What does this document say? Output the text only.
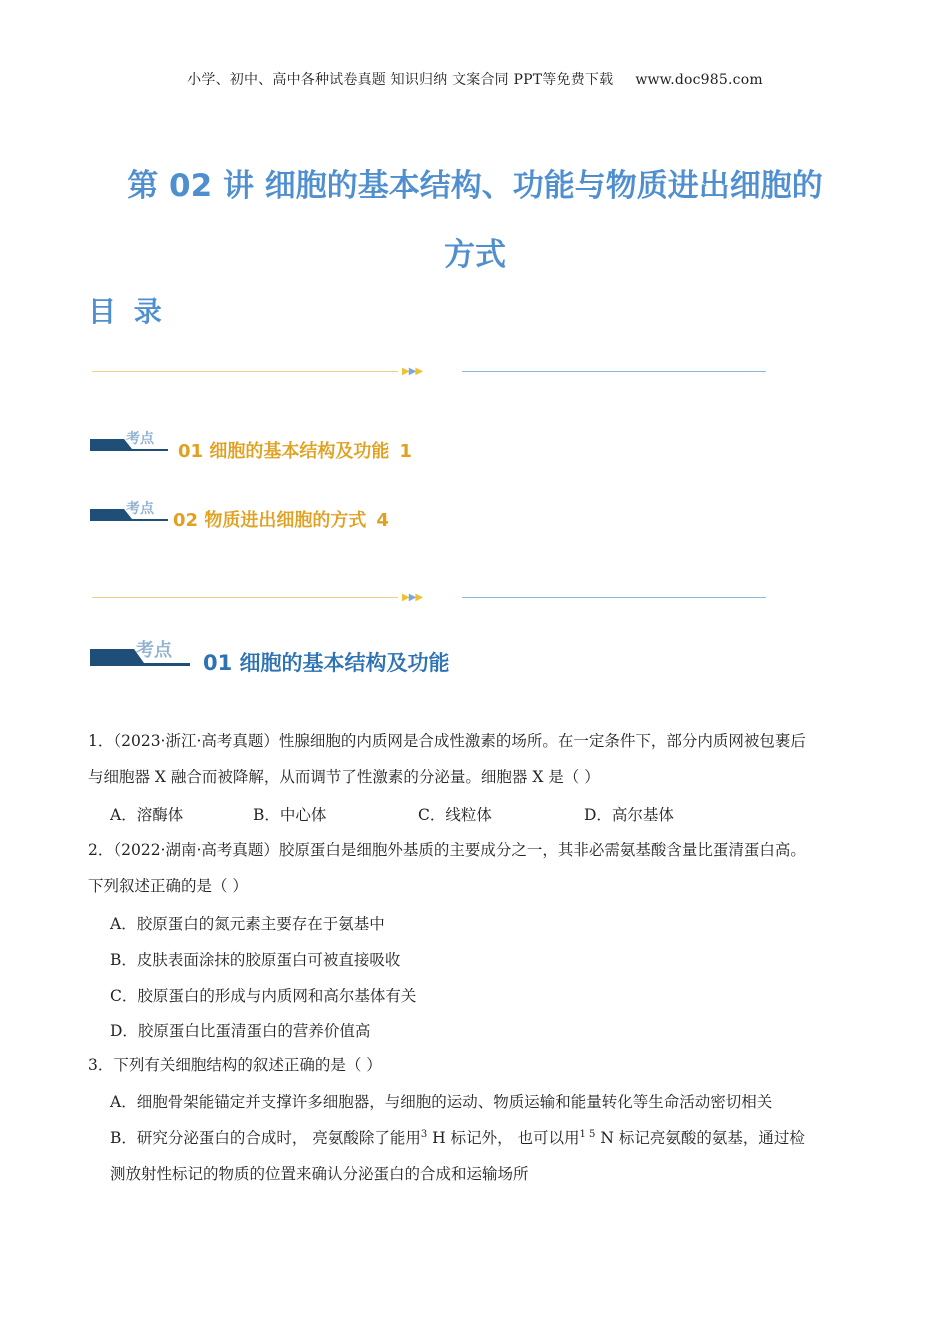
小学、初中、高中各种试卷真题 知识归纳 文案合同 PPT等免费下载 www.doc985.com
第 02 讲 细胞的基本结构、功能与物质进出细胞的
方式
目 录
▶▶▶
考点
01 细胞的基本结构及功能 1
考点
02 物质进出细胞的方式 4
▶▶▶
考点
01 细胞的基本结构及功能
1．（2023·浙江·高考真题）性腺细胞的内质网是合成性激素的场所。在一定条件下，部分内质网被包裹后
与细胞器 X 融合而被降解，从而调节了性激素的分泌量。细胞器 X 是（ ）
A．溶酶体	B．中心体	C．线粒体	D．高尔基体
2．（2022·湖南·高考真题）胶原蛋白是细胞外基质的主要成分之一，其非必需氨基酸含量比蛋清蛋白高。
下列叙述正确的是（ ）
A．胶原蛋白的氮元素主要存在于氨基中
B．皮肤表面涂抹的胶原蛋白可被直接吸收
C．胶原蛋白的形成与内质网和高尔基体有关
D．胶原蛋白比蛋清蛋白的营养价值高
3．下列有关细胞结构的叙述正确的是（ ）
A．细胞骨架能锚定并支撑许多细胞器，与细胞的运动、物质运输和能量转化等生命活动密切相关
B．研究分泌蛋白的合成时， 亮氨酸除了能用$^3$ H 标记外， 也可以用$^{1 5}$ N 标记亮氨酸的氨基，通过检
测放射性标记的物质的位置来确认分泌蛋白的合成和运输场所
